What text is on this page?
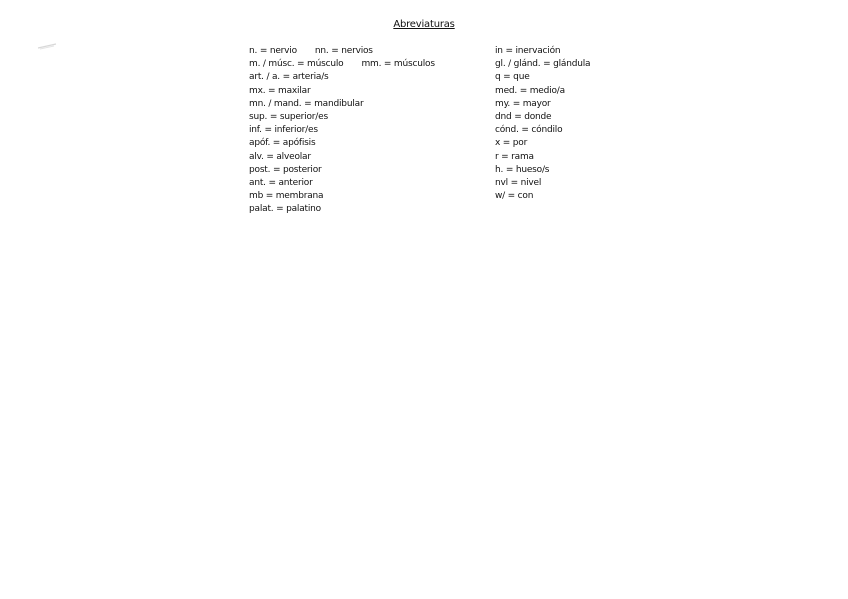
Abreviaturas
n. = nervio nn. = nervios
m. / músc. = músculo mm. = músculos
art. / a. = arteria/s
mx. = maxilar
mn. / mand. = mandibular
sup. = superior/es
inf. = inferior/es
apóf. = apófisis
alv. = alveolar
post. = posterior
ant. = anterior
mb = membrana
palat. = palatino
in = inervación
gl. / glánd. = glándula
q = que
med. = medio/a
my. = mayor
dnd = donde
cónd. = cóndilo
x = por
r = rama
h. = hueso/s
nvl = nivel
w/ = con
